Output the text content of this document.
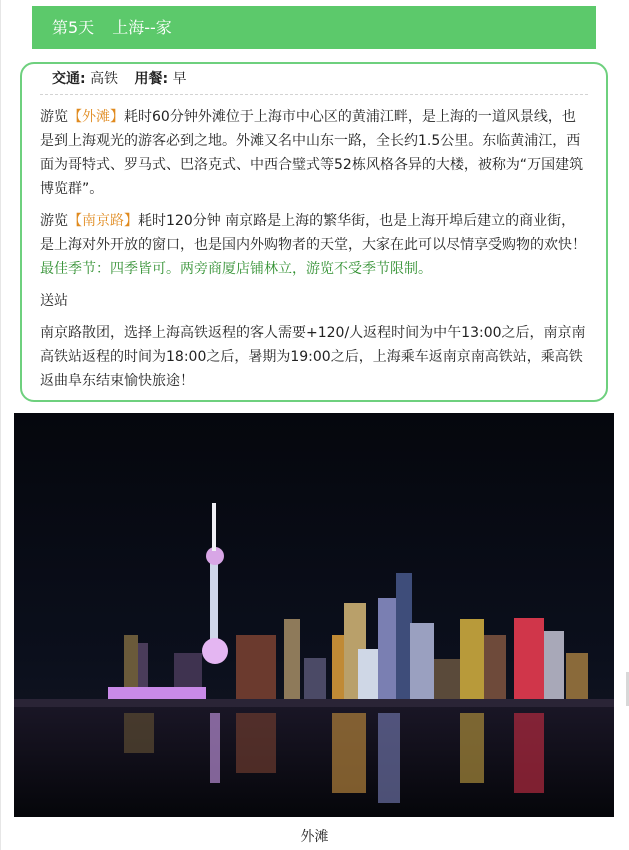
第5天 上海--家
交通: 高铁 用餐: 早

游览【外滩】耗时60分钟外滩位于上海市中心区的黄浦江畔，是上海的一道风景线，也是到上海观光的游客必到之地。外滩又名中山东一路，全长约1.5公里。东临黄浦江，西面为哥特式、罗马式、巴洛克式、中西合璧式等52栋风格各异的大楼，被称为“万国建筑博览群”。

游览【南京路】耗时120分钟 南京路是上海的繁华街，也是上海开埠后建立的商业街，是上海对外开放的窗口，也是国内外购物者的天堂，大家在此可以尽情享受购物的欢快！最佳季节：四季皆可。两旁商厦店铺林立，游览不受季节限制。

送站

南京路散团，选择上海高铁返程的客人需要+120/人返程时间为中午13:00之后，南京南高铁站返程的时间为18:00之后，暑期为19:00之后，上海乘车返南京南高铁站，乘高铁返曲阜东结束愉快旅途！

外滩
